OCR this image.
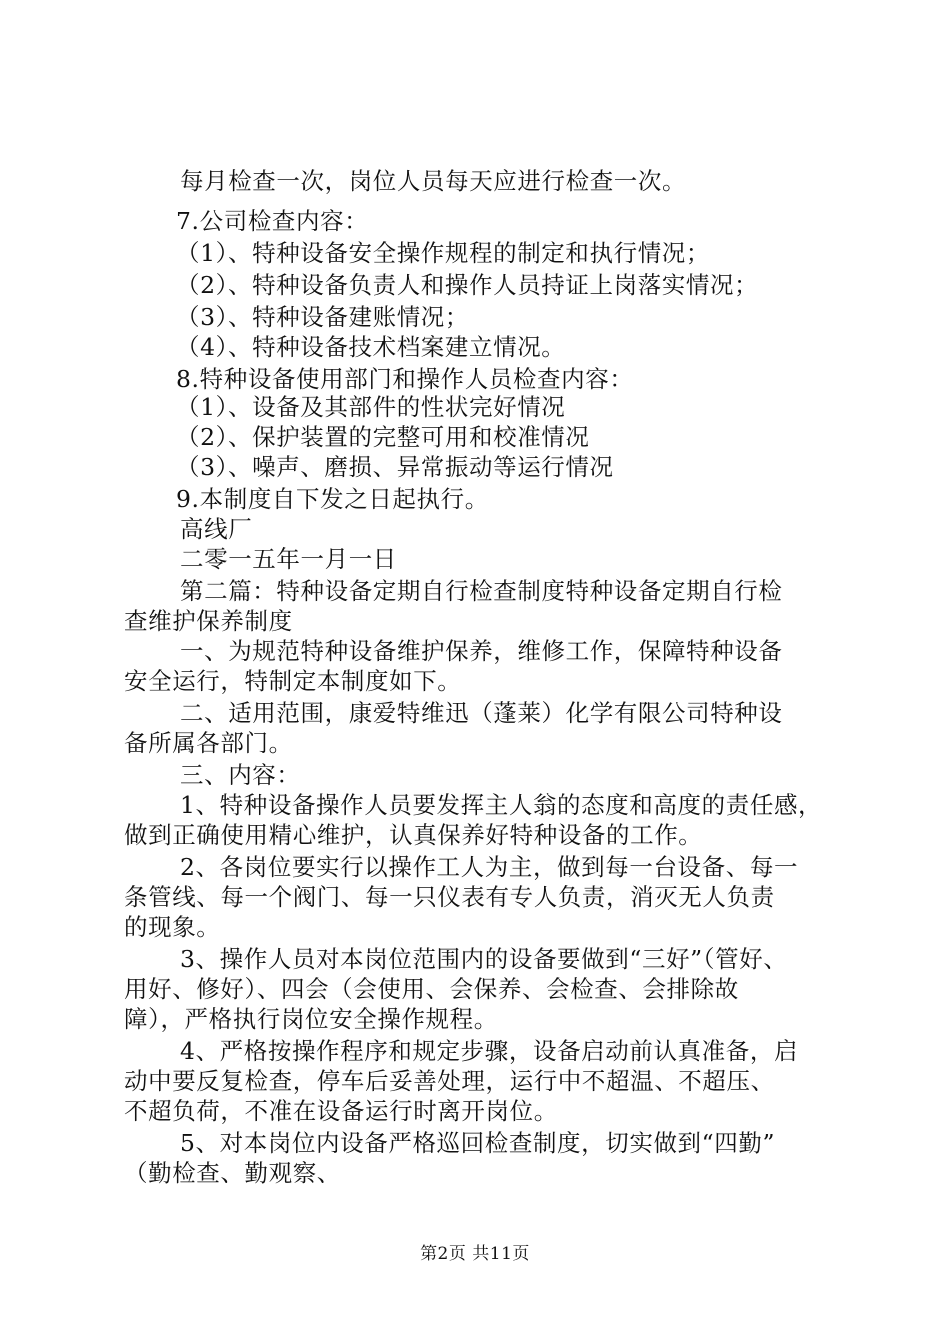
每月检查一次，岗位人员每天应进行检查一次。
7.公司检查内容：
（1）、特种设备安全操作规程的制定和执行情况；
（2）、特种设备负责人和操作人员持证上岗落实情况；
（3）、特种设备建账情况；
（4）、特种设备技术档案建立情况。
8.特种设备使用部门和操作人员检查内容：
（1）、设备及其部件的性状完好情况
（2）、保护装置的完整可用和校准情况
（3）、噪声、磨损、异常振动等运行情况
9.本制度自下发之日起执行。
高线厂
二零一五年一月一日
第二篇：特种设备定期自行检查制度特种设备定期自行检
查维护保养制度
一、为规范特种设备维护保养，维修工作，保障特种设备
安全运行，特制定本制度如下。
二、适用范围，康爱特维迅（蓬莱）化学有限公司特种设
备所属各部门。
三、内容：
1、特种设备操作人员要发挥主人翁的态度和高度的责任感，
做到正确使用精心维护，认真保养好特种设备的工作。
2、各岗位要实行以操作工人为主，做到每一台设备、每一
条管线、每一个阀门、每一只仪表有专人负责，消灭无人负责
的现象。
3、操作人员对本岗位范围内的设备要做到“三好”（管好、
用好、修好）、四会（会使用、会保养、会检查、会排除故
障），严格执行岗位安全操作规程。
4、严格按操作程序和规定步骤，设备启动前认真准备，启
动中要反复检查，停车后妥善处理，运行中不超温、不超压、
不超负荷，不准在设备运行时离开岗位。
5、对本岗位内设备严格巡回检查制度，切实做到“四勤”
（勤检查、勤观察、
第2页 共11页
